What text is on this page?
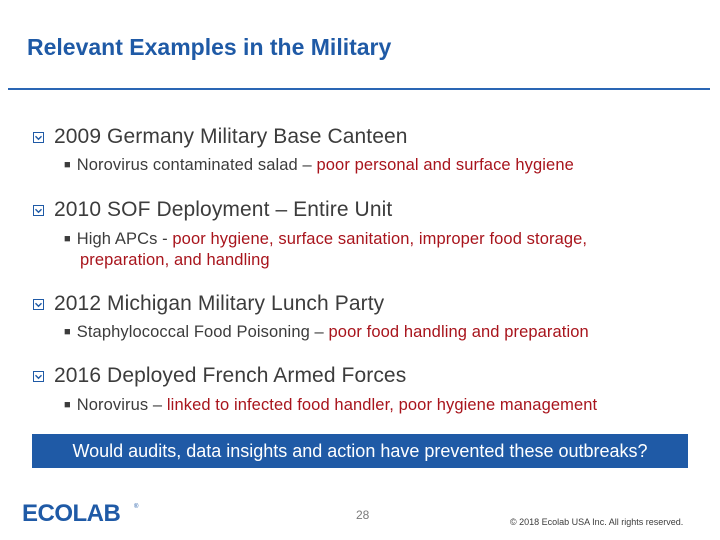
Relevant Examples in the Military
2009 Germany Military Base Canteen
■ Norovirus contaminated salad – poor personal and surface hygiene
2010 SOF Deployment – Entire Unit
■ High APCs - poor hygiene, surface sanitation, improper food storage,
preparation, and handling
2012 Michigan Military Lunch Party
■ Staphylococcal Food Poisoning – poor food handling and preparation
2016 Deployed French Armed Forces
■ Norovirus – linked to infected food handler, poor hygiene management
Would audits, data insights and action have prevented these outbreaks?
ECOLAB ®
28	© 2018 Ecolab USA Inc. All rights reserved.
